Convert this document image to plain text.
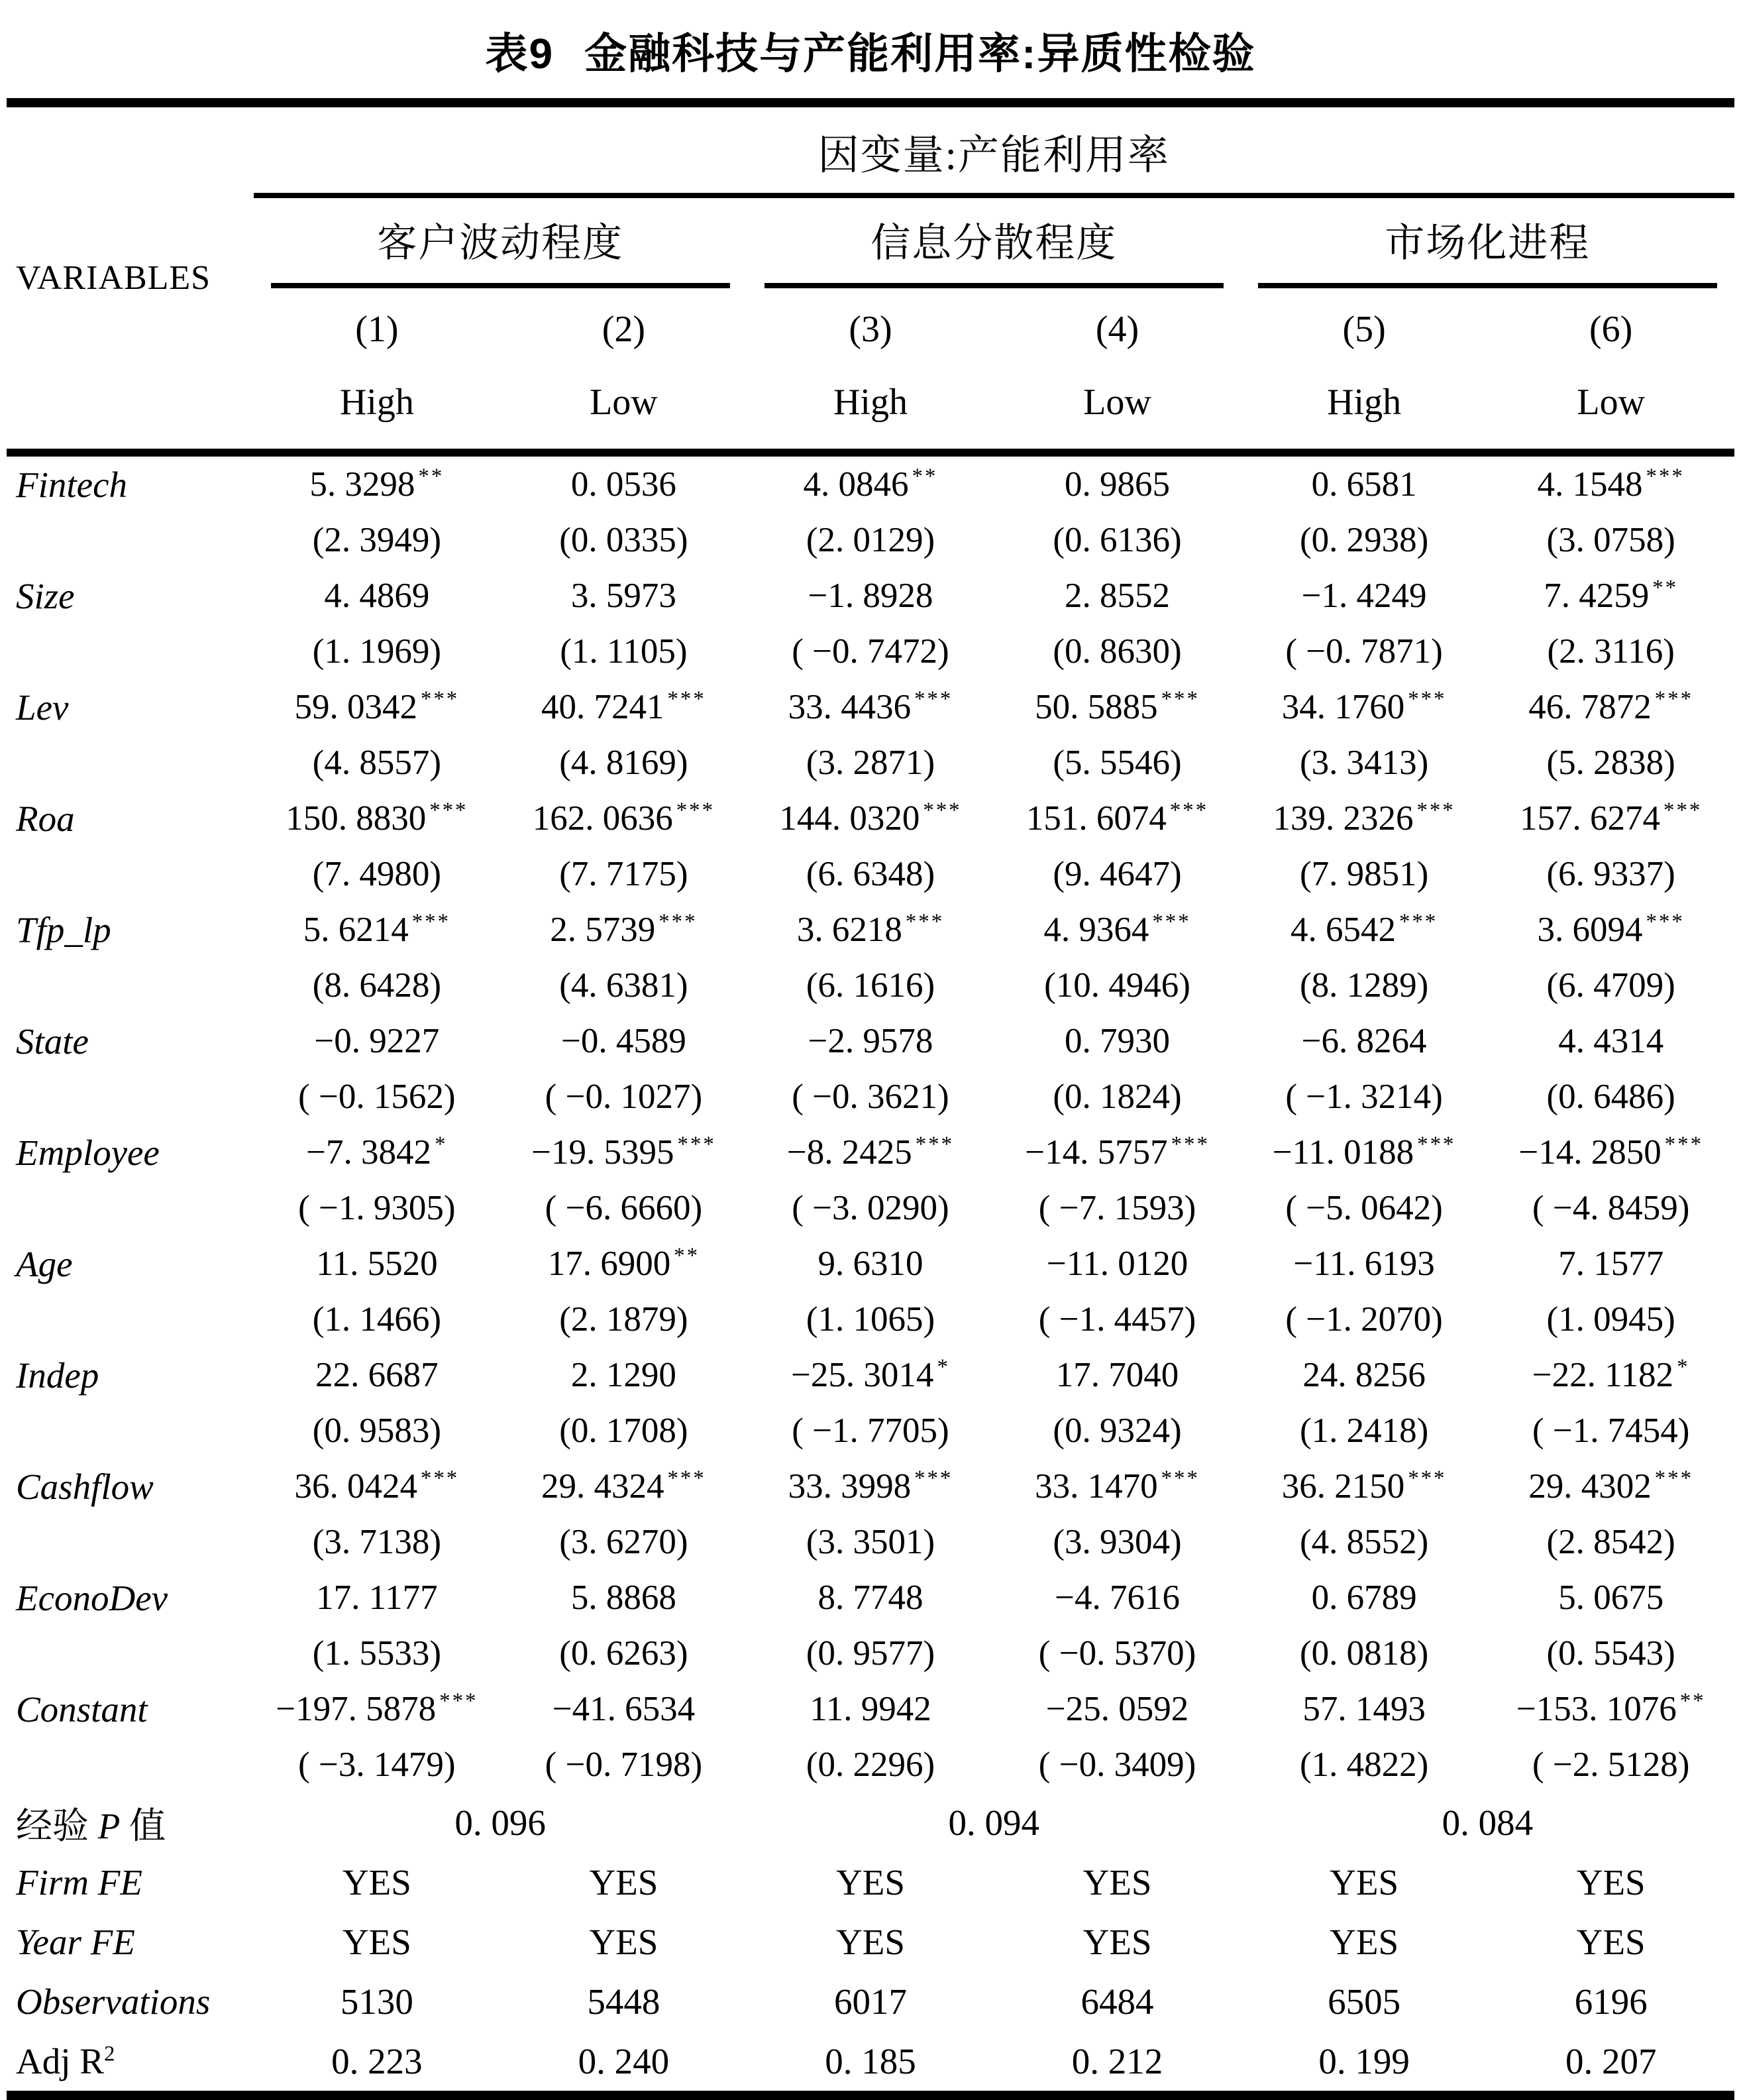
表9 金融科技与产能利用率:异质性检验
VARIABLES	因变量:产能利用率					

	客户波动程度		信息分散程度		市场化进程	

	(1)	(2)	(3)	(4)	(5)	(6)
	High	Low	High	Low	High	Low
Fintech	5. 3298 **	0. 0536	4. 0846 **	0. 9865	0. 6581	4. 1548 ***
	(2. 3949)	(0. 0335)	(2. 0129)	(0. 6136)	(0. 2938)	(3. 0758)
Size	4. 4869	3. 5973	−1. 8928	2. 8552	−1. 4249	7. 4259 **
	(1. 1969)	(1. 1105)	( −0. 7472)	(0. 8630)	( −0. 7871)	(2. 3116)
Lev	59. 0342 ***	40. 7241 ***	33. 4436 ***	50. 5885 ***	34. 1760 ***	46. 7872 ***
	(4. 8557)	(4. 8169)	(3. 2871)	(5. 5546)	(3. 3413)	(5. 2838)
Roa	150. 8830 ***	162. 0636 ***	144. 0320 ***	151. 6074 ***	139. 2326 ***	157. 6274 ***
	(7. 4980)	(7. 7175)	(6. 6348)	(9. 4647)	(7. 9851)	(6. 9337)
Tfp_lp	5. 6214 ***	2. 5739 ***	3. 6218 ***	4. 9364 ***	4. 6542 ***	3. 6094 ***
	(8. 6428)	(4. 6381)	(6. 1616)	(10. 4946)	(8. 1289)	(6. 4709)
State	−0. 9227	−0. 4589	−2. 9578	0. 7930	−6. 8264	4. 4314
	( −0. 1562)	( −0. 1027)	( −0. 3621)	(0. 1824)	( −1. 3214)	(0. 6486)
Employee	−7. 3842 *	−19. 5395 ***	−8. 2425 ***	−14. 5757 ***	−11. 0188 ***	−14. 2850 ***
	( −1. 9305)	( −6. 6660)	( −3. 0290)	( −7. 1593)	( −5. 0642)	( −4. 8459)
Age	11. 5520	17. 6900 **	9. 6310	−11. 0120	−11. 6193	7. 1577
	(1. 1466)	(2. 1879)	(1. 1065)	( −1. 4457)	( −1. 2070)	(1. 0945)
Indep	22. 6687	2. 1290	−25. 3014 *	17. 7040	24. 8256	−22. 1182 *
	(0. 9583)	(0. 1708)	( −1. 7705)	(0. 9324)	(1. 2418)	( −1. 7454)
Cashflow	36. 0424 ***	29. 4324 ***	33. 3998 ***	33. 1470 ***	36. 2150 ***	29. 4302 ***
	(3. 7138)	(3. 6270)	(3. 3501)	(3. 9304)	(4. 8552)	(2. 8542)
EconoDev	17. 1177	5. 8868	8. 7748	−4. 7616	0. 6789	5. 0675
	(1. 5533)	(0. 6263)	(0. 9577)	( −0. 5370)	(0. 0818)	(0. 5543)
Constant	−197. 5878 ***	−41. 6534	11. 9942	−25. 0592	57. 1493	−153. 1076 **
	( −3. 1479)	( −0. 7198)	(0. 2296)	( −0. 3409)	(1. 4822)	( −2. 5128)
经验 P 值	0. 096		0. 094		0. 084	
Firm FE	YES	YES	YES	YES	YES	YES
Year FE	YES	YES	YES	YES	YES	YES
Observations	5130	5448	6017	6484	6505	6196
Adj $R^2$	0. 223	0. 240	0. 185	0. 212	0. 199	0. 207
